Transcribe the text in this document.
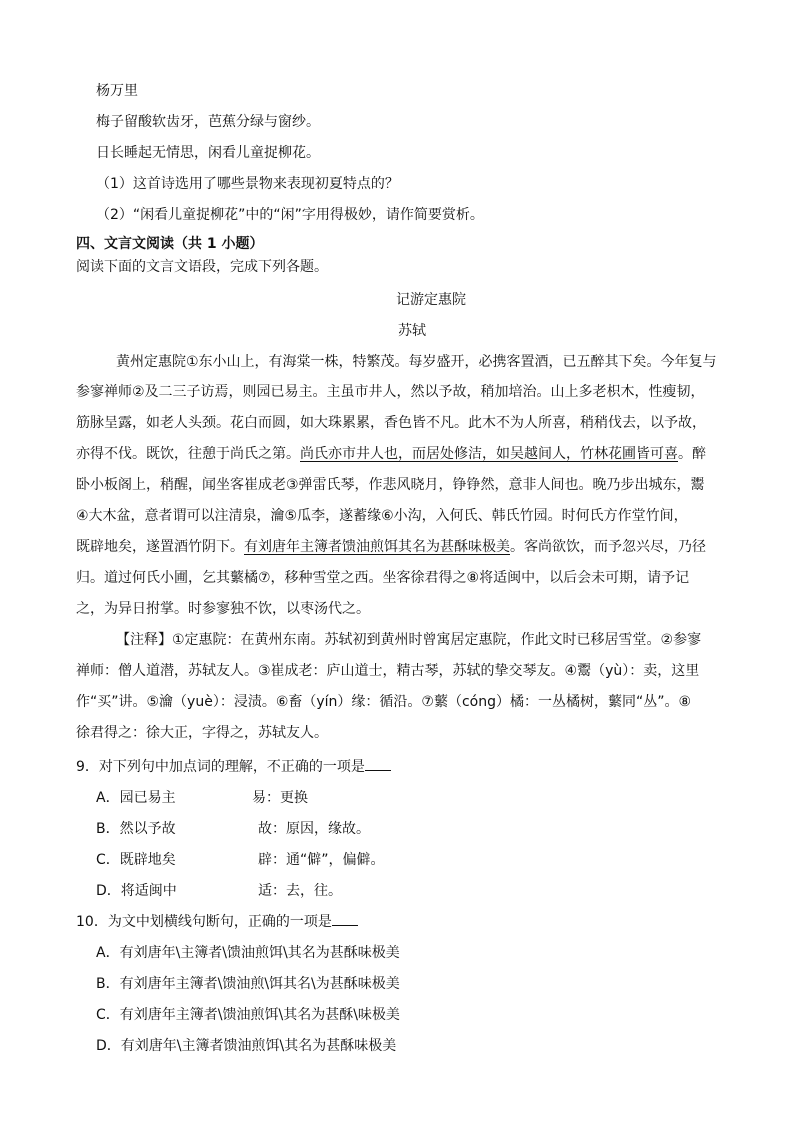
杨万里
梅子留酸软齿牙，芭蕉分绿与窗纱。
日长睡起无情思，闲看儿童捉柳花。
（1）这首诗选用了哪些景物来表现初夏特点的？
（2）“闲看儿童捉柳花”中的“闲”字用得极妙，请作简要赏析。
四、文言文阅读（共 1 小题）
阅读下面的文言文语段，完成下列各题。
记游定惠院
苏轼
黄州定惠院①东小山上，有海棠一株，特繁茂。每岁盛开，必携客置酒，已五醉其下矣。今年复与
参寥禅师②及二三子访焉，则园已易主。主虽市井人，然以予故，稍加培治。山上多老枳木，性瘦韧，
筋脉呈露，如老人头颈。花白而圆，如大珠累累，香色皆不凡。此木不为人所喜，稍稍伐去，以予故，
亦得不伐。既饮，往憩于尚氏之第。尚氏亦市井人也，而居处修洁，如吴越间人，竹林花圃皆可喜。醉
卧小板阁上，稍醒，闻坐客崔成老③弹雷氏琴，作悲风晓月，铮铮然，意非人间也。晚乃步出城东，鬻
④大木盆，意者谓可以注清泉，瀹⑤瓜李，遂蓄缘⑥小沟，入何氏、韩氏竹园。时何氏方作堂竹间，
既辟地矣，遂置酒竹阴下。有刘唐年主簿者馈油煎饵其名为甚酥味极美。客尚欲饮，而予忽兴尽，乃径
归。道过何氏小圃，乞其蘩橘⑦，移种雪堂之西。坐客徐君得之⑧将适闽中，以后会未可期，请予记
之，为异日拊掌。时参寥独不饮，以枣汤代之。
【注释】①定惠院：在黄州东南。苏轼初到黄州时曾寓居定惠院，作此文时已移居雪堂。②参寥
禅师：僧人道潜，苏轼友人。③崔成老：庐山道士，精古琴，苏轼的挚交琴友。④鬻（yù）：卖，这里
作“买”讲。⑤瀹（yuè）：浸渍。⑥畜（yín）缘：循沿。⑦蘩（cóng）橘：一丛橘树，蘩同“丛”。⑧
徐君得之：徐大正，字得之，苏轼友人。
9．对下列句中加点词的理解，不正确的一项是
A．园已易主	易：更换
B．然以予故	故：原因，缘故。
C．既辟地矣	辟：通“僻”，偏僻。
D．将适闽中	适：去，往。
10．为文中划横线句断句，正确的一项是
A．有刘唐年\主簿者\馈油煎饵\其名为甚酥味极美
B．有刘唐年主簿者\馈油煎\饵其名\为甚酥味极美
C．有刘唐年主簿者\馈油煎饵\其名为甚酥\味极美
D．有刘唐年\主簿者馈油煎饵\其名为甚酥味极美
